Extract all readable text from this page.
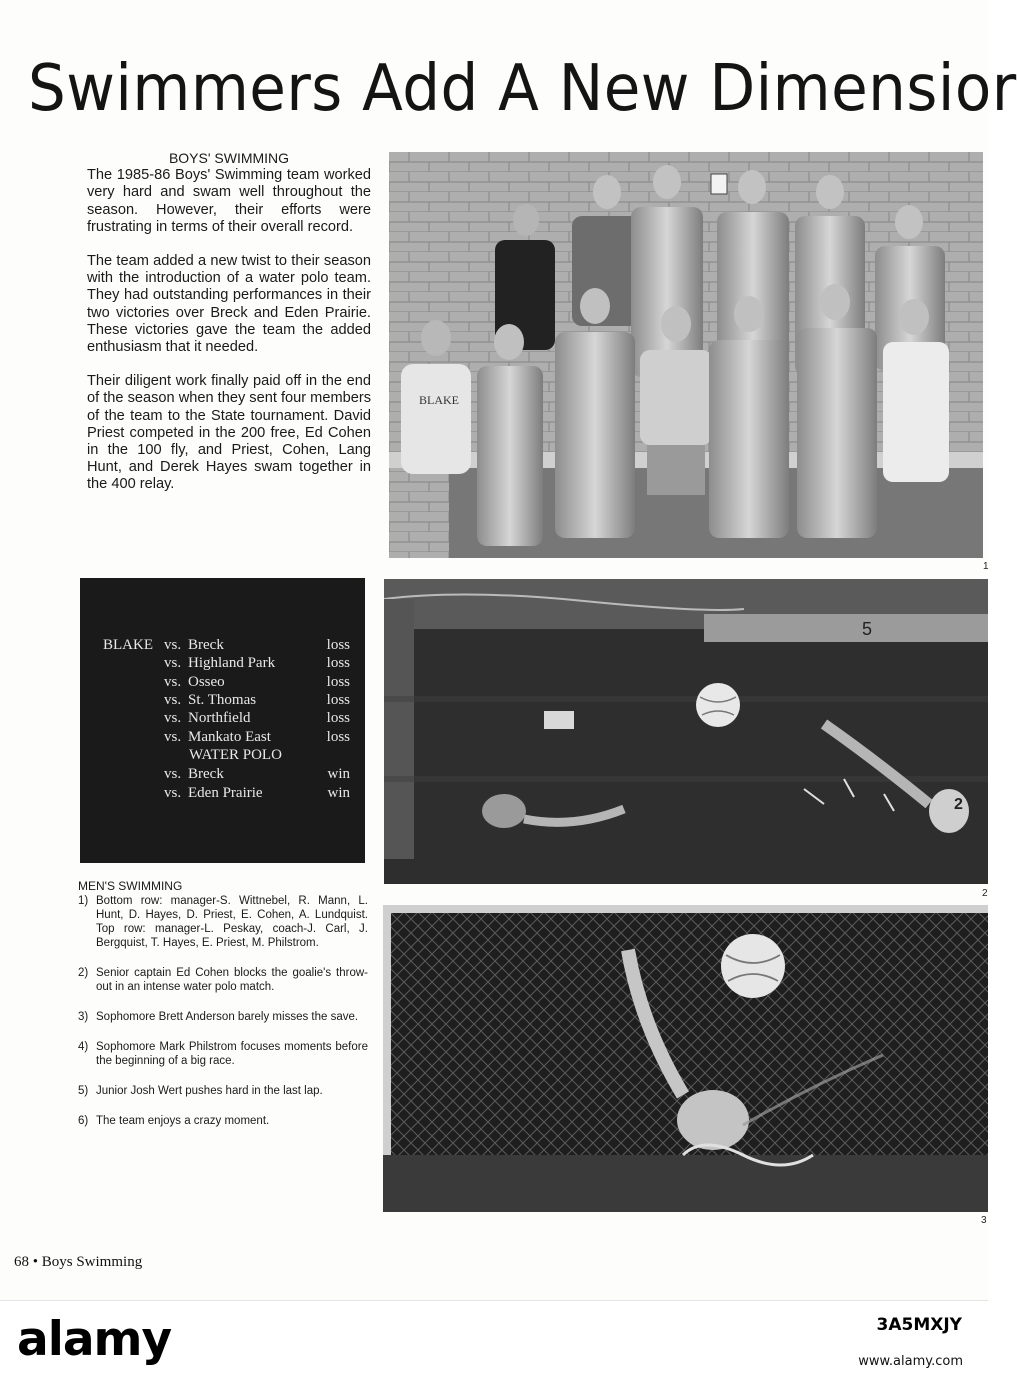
Swimmers Add A New Dimensior
BOYS' SWIMMING

The 1985-86 Boys' Swimming team worked very hard and swam well throughout the season. However, their efforts were frustrating in terms of their overall record.

The team added a new twist to their season with the introduction of a water polo team. They had outstanding performances in their two victories over Breck and Eden Prairie. These victories gave the team the added enthusiasm that it needed.

Their diligent work finally paid off in the end of the season when they sent four members of the team to the State tournament. David Priest competed in the 200 free, Ed Cohen in the 100 fly, and Priest, Cohen, Lang Hunt, and Derek Hayes swam together in the 400 relay.

BLAKE vs. Breck	loss
vs. Highland Park	loss
vs. Osseo	loss
vs. St. Thomas	loss
vs. Northfield	loss
vs. Mankato East	loss
WATER POLO
vs. Breck	win
vs. Eden Prairie	win
MEN'S SWIMMING
1) Bottom row: manager-S. Wittnebel, R. Mann, L. Hunt, D. Hayes, D. Priest, E. Cohen, A. Lundquist. Top row: manager-L. Peskay, coach-J. Carl, J. Bergquist, T. Hayes, E. Priest, M. Philstrom.
2) Senior captain Ed Cohen blocks the goalie's throw-out in an intense water polo match.
3) Sophomore Brett Anderson barely misses the save.
4) Sophomore Mark Philstrom focuses moments before the beginning of a big race.
5) Junior Josh Wert pushes hard in the last lap.
6) The team enjoys a crazy moment.
68 • Boys Swimming
BLAKE
1
5
2
2
3
alamy	3A5MXJY
www.alamy.com
